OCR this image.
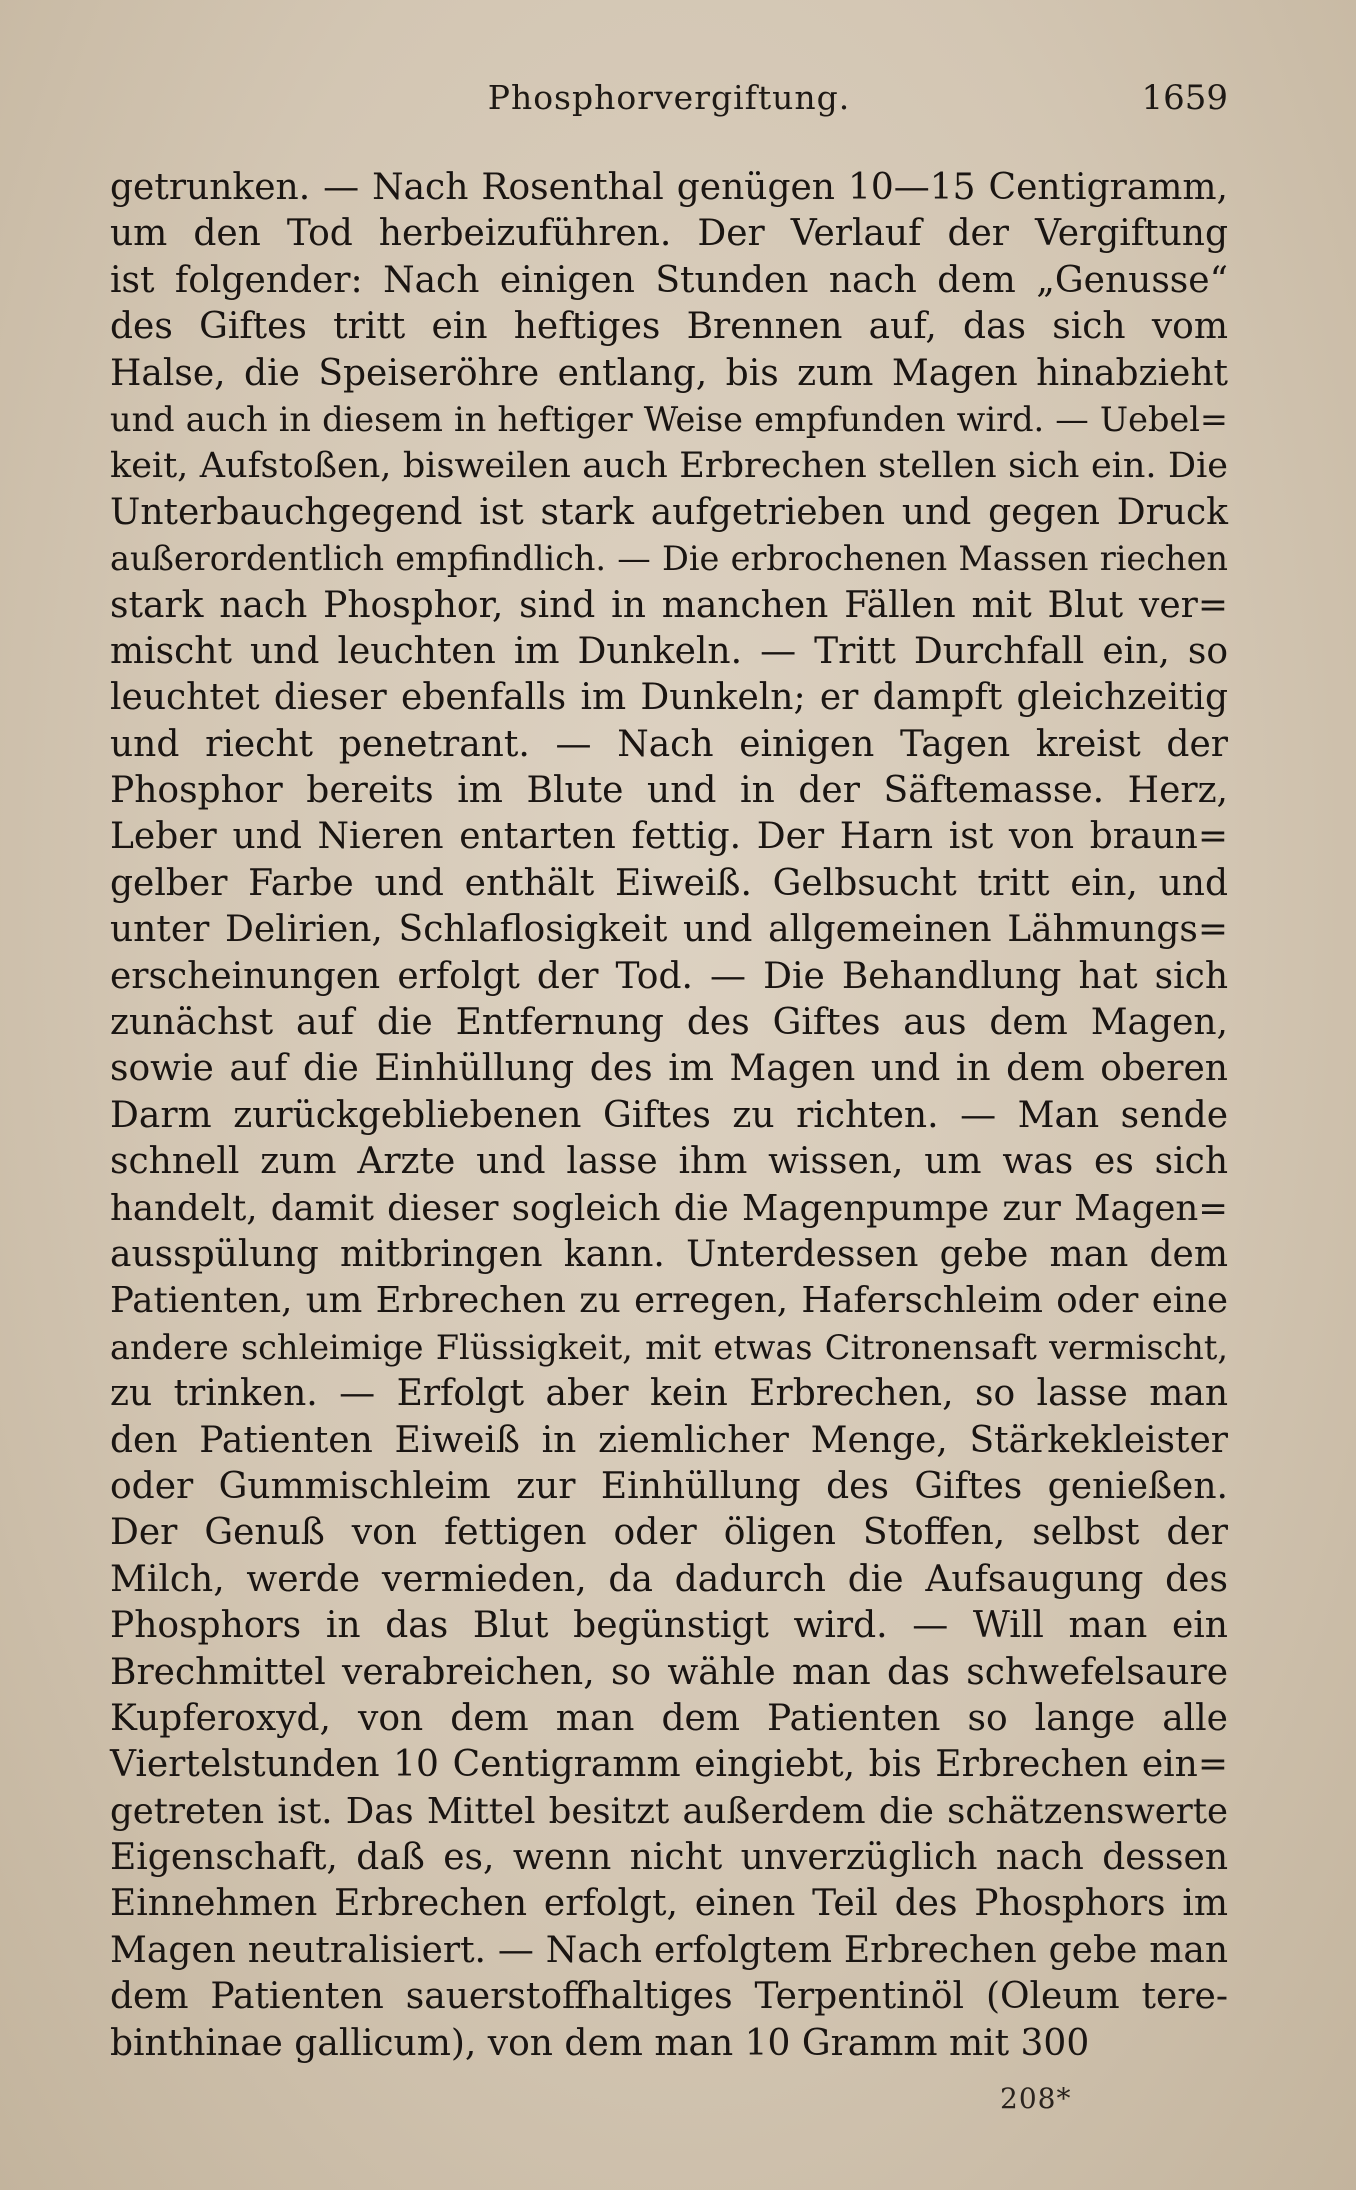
Phosphorvergiftung.	1659
getrunken. — Nach Rosenthal genügen 10—15 Centigramm,
um den Tod herbeizuführen. Der Verlauf der Vergiftung
ist folgender: Nach einigen Stunden nach dem „Genusse“
des Giftes tritt ein heftiges Brennen auf, das sich vom
Halse, die Speiseröhre entlang, bis zum Magen hinabzieht
und auch in diesem in heftiger Weise empfunden wird. — Uebel=
keit, Aufstoßen, bisweilen auch Erbrechen stellen sich ein. Die
Unterbauchgegend ist stark aufgetrieben und gegen Druck
außerordentlich empfindlich. — Die erbrochenen Massen riechen
stark nach Phosphor, sind in manchen Fällen mit Blut ver=
mischt und leuchten im Dunkeln. — Tritt Durchfall ein, so
leuchtet dieser ebenfalls im Dunkeln; er dampft gleichzeitig
und riecht penetrant. — Nach einigen Tagen kreist der
Phosphor bereits im Blute und in der Säftemasse. Herz,
Leber und Nieren entarten fettig. Der Harn ist von braun=
gelber Farbe und enthält Eiweiß. Gelbsucht tritt ein, und
unter Delirien, Schlaflosigkeit und allgemeinen Lähmungs=
erscheinungen erfolgt der Tod. — Die Behandlung hat sich
zunächst auf die Entfernung des Giftes aus dem Magen,
sowie auf die Einhüllung des im Magen und in dem oberen
Darm zurückgebliebenen Giftes zu richten. — Man sende
schnell zum Arzte und lasse ihm wissen, um was es sich
handelt, damit dieser sogleich die Magenpumpe zur Magen=
ausspülung mitbringen kann. Unterdessen gebe man dem
Patienten, um Erbrechen zu erregen, Haferschleim oder eine
andere schleimige Flüssigkeit, mit etwas Citronensaft vermischt,
zu trinken. — Erfolgt aber kein Erbrechen, so lasse man
den Patienten Eiweiß in ziemlicher Menge, Stärkekleister
oder Gummischleim zur Einhüllung des Giftes genießen.
Der Genuß von fettigen oder öligen Stoffen, selbst der
Milch, werde vermieden, da dadurch die Aufsaugung des
Phosphors in das Blut begünstigt wird. — Will man ein
Brechmittel verabreichen, so wähle man das schwefelsaure
Kupferoxyd, von dem man dem Patienten so lange alle
Viertelstunden 10 Centigramm eingiebt, bis Erbrechen ein=
getreten ist. Das Mittel besitzt außerdem die schätzenswerte
Eigenschaft, daß es, wenn nicht unverzüglich nach dessen
Einnehmen Erbrechen erfolgt, einen Teil des Phosphors im
Magen neutralisiert. — Nach erfolgtem Erbrechen gebe man
dem Patienten sauerstoffhaltiges Terpentinöl (Oleum tere-
binthinae gallicum), von dem man 10 Gramm mit 300
208*
